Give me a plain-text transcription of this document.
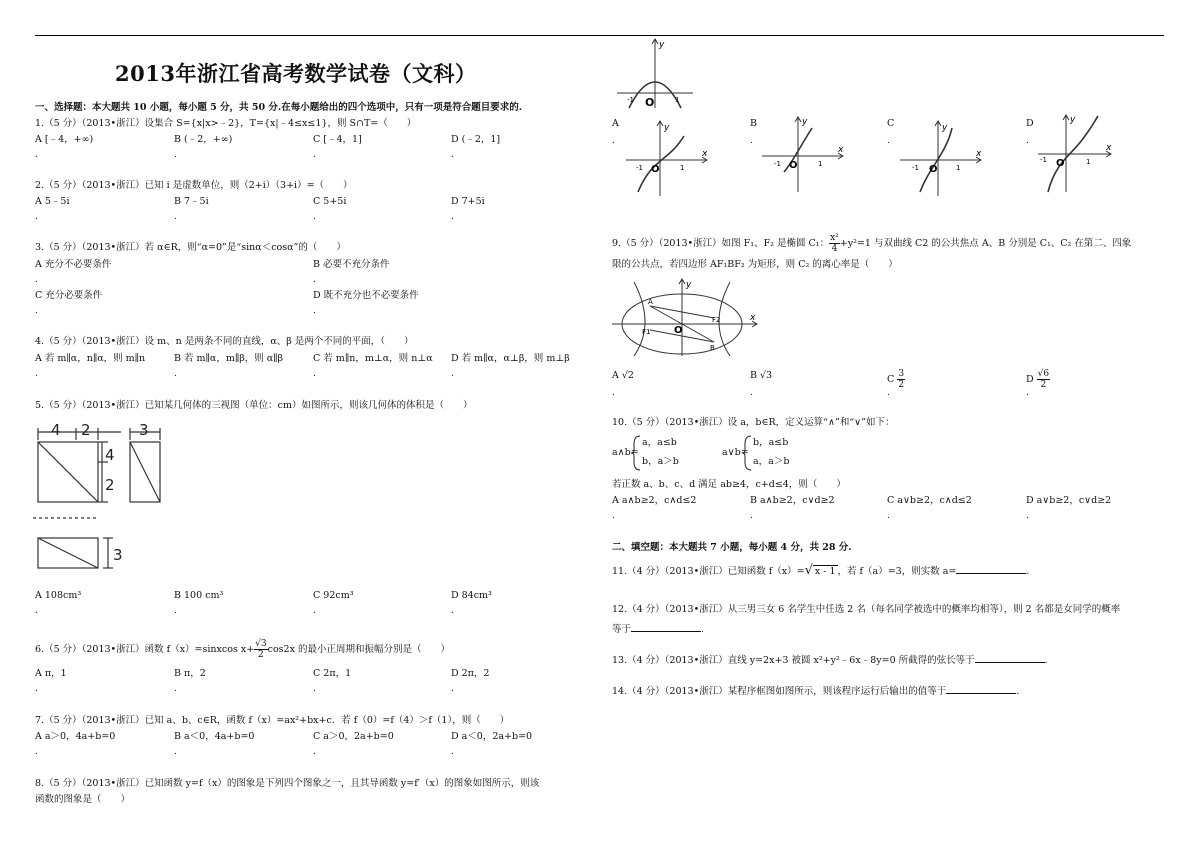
2013年浙江省高考数学试卷（文科）
一、选择题：本大题共 10 小题，每小题 5 分，共 50 分.在每小题给出的四个选项中，只有一项是符合题目要求的.
1.（5 分）（2013•浙江）设集合 S={x|x>﹣2}，T={x|﹣4≤x≤1}，则 S∩T=（　　）
A [﹣4，+∞)	B (﹣2，+∞)	C [﹣4，1]	D (﹣2，1]
.	.	.	.
2.（5 分）（2013•浙江）已知 i 是虚数单位，则（2+i）（3+i）=（　　）
A 5﹣5i	B 7﹣5i	C 5+5i	D 7+5i
.	.	.	.
3.（5 分）（2013•浙江）若 α∈R，则“α=0”是“sinα＜cosα”的（　　）
A 充分不必要条件	B 必要不充分条件
.	.
C 充分必要条件	D 既不充分也不必要条件
.	.
4.（5 分）（2013•浙江）设 m、n 是两条不同的直线，α、β 是两个不同的平面，（　　）
A 若 m∥α，n∥α，则 m∥n	B 若 m∥α，m∥β，则 α∥β	C 若 m∥n，m⊥α，则 n⊥α D 若 m∥α，α⊥β，则 m⊥β
.	.	.	.
5.（5 分）（2013•浙江）已知某几何体的三视图（单位：cm）如图所示，则该几何体的体积是（　　）
4 2	3
4
2
3
A 108cm³	B 100 cm³	C 92cm³	D 84cm³
.	.	.	.
6.（5 分）（2013•浙江）函数 f（x）=sinxcos $x+ \frac{√3}{2} \cos 2x$ 的最小正周期和振幅分别是（　　）
A π，1	B π，2	C 2π，1	D 2π，2
.	.	.	.
7.（5 分）（2013•浙江）已知 a、b、c∈R，函数 f（x）=ax²+bx+c．若 f（0）=f（4）＞f（1），则（　　）
A a＞0，4a+b=0	B a＜0，4a+b=0	C a＞0，2a+b=0	D a＜0，2a+b=0
.	.	.	.
8.（5 分）（2013•浙江）已知函数 y=f（x）的图象是下列四个图象之一，且其导函数 y=f′（x）的图象如图所示，则该
函数的图象是（　　）
y
O
-1	1
A
.
B
.
C
.
D
.
y
x
O
-1	1
y
x
O
-1	1
y
x
O
-1	1
y
x
O
-1	1
9.（5 分）（2013•浙江）如图 F₁、F₂ 是椭圆 C₁： $\frac{\text{x²}}{4} +y^2=1$ 与双曲线 C2 的公共焦点 A、B 分别是 C₁、C₂ 在第二、四象
限的公共点，若四边形 AF₁BF₂ 为矩形，则 C₂ 的离心率是（　　）
A
B
F1
F2
O
x
y
A √2	B √3	C $\frac{3}{2}$	D $\frac{√6}{2}$
.	.	.	.
10.（5 分）（2013•浙江）设 a，b∈R，定义运算“∧”和“∨”如下：
a∧b=
a，a≤b
b，a＞b
a∨b=
b，a≤b
a，a＞b
若正数 a、b、c、d 满足 ab≥4，c+d≤4，则（　　）
A a∧b≥2，c∧d≤2	B a∧b≥2，c∨d≥2	C a∨b≥2，c∧d≤2	D a∨b≥2，c∨d≥2
.	.	.	.
二、填空题：本大题共 7 小题，每小题 4 分，共 28 分.
11.（4 分）（2013•浙江）已知函数 f（x）=√ x - 1 ，若 f（a）=3，则实数 a=	.
12.（4 分）（2013•浙江）从三男三女 6 名学生中任选 2 名（每名同学被选中的概率均相等），则 2 名都是女同学的概率
等于	.
13.（4 分）（2013•浙江）直线 y=2x+3 被圆 x²+y²﹣6x﹣8y=0 所截得的弦长等于	.
14.（4 分）（2013•浙江）某程序框图如图所示，则该程序运行后输出的值等于	.
